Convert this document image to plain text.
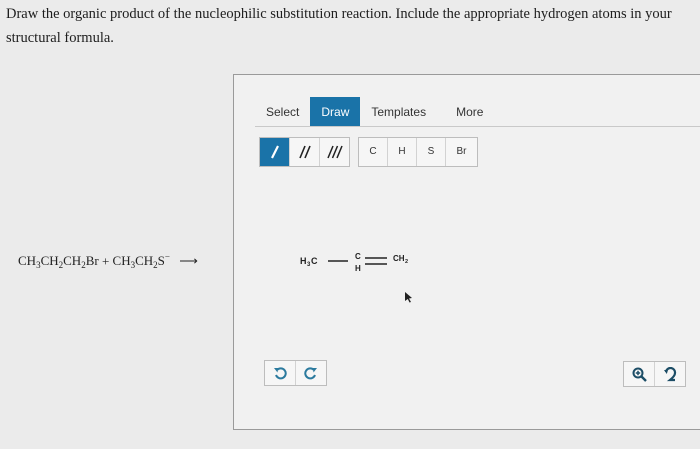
Draw the organic product of the nucleophilic substitution reaction. Include the appropriate hydrogen atoms in your structural formula.
$CH_3CH_2CH_2Br + CH_3CH_2S^-$ ⟶
Select	Draw	Templates	More
C	H	S	Br
H 3 C	C
H
CH 2
